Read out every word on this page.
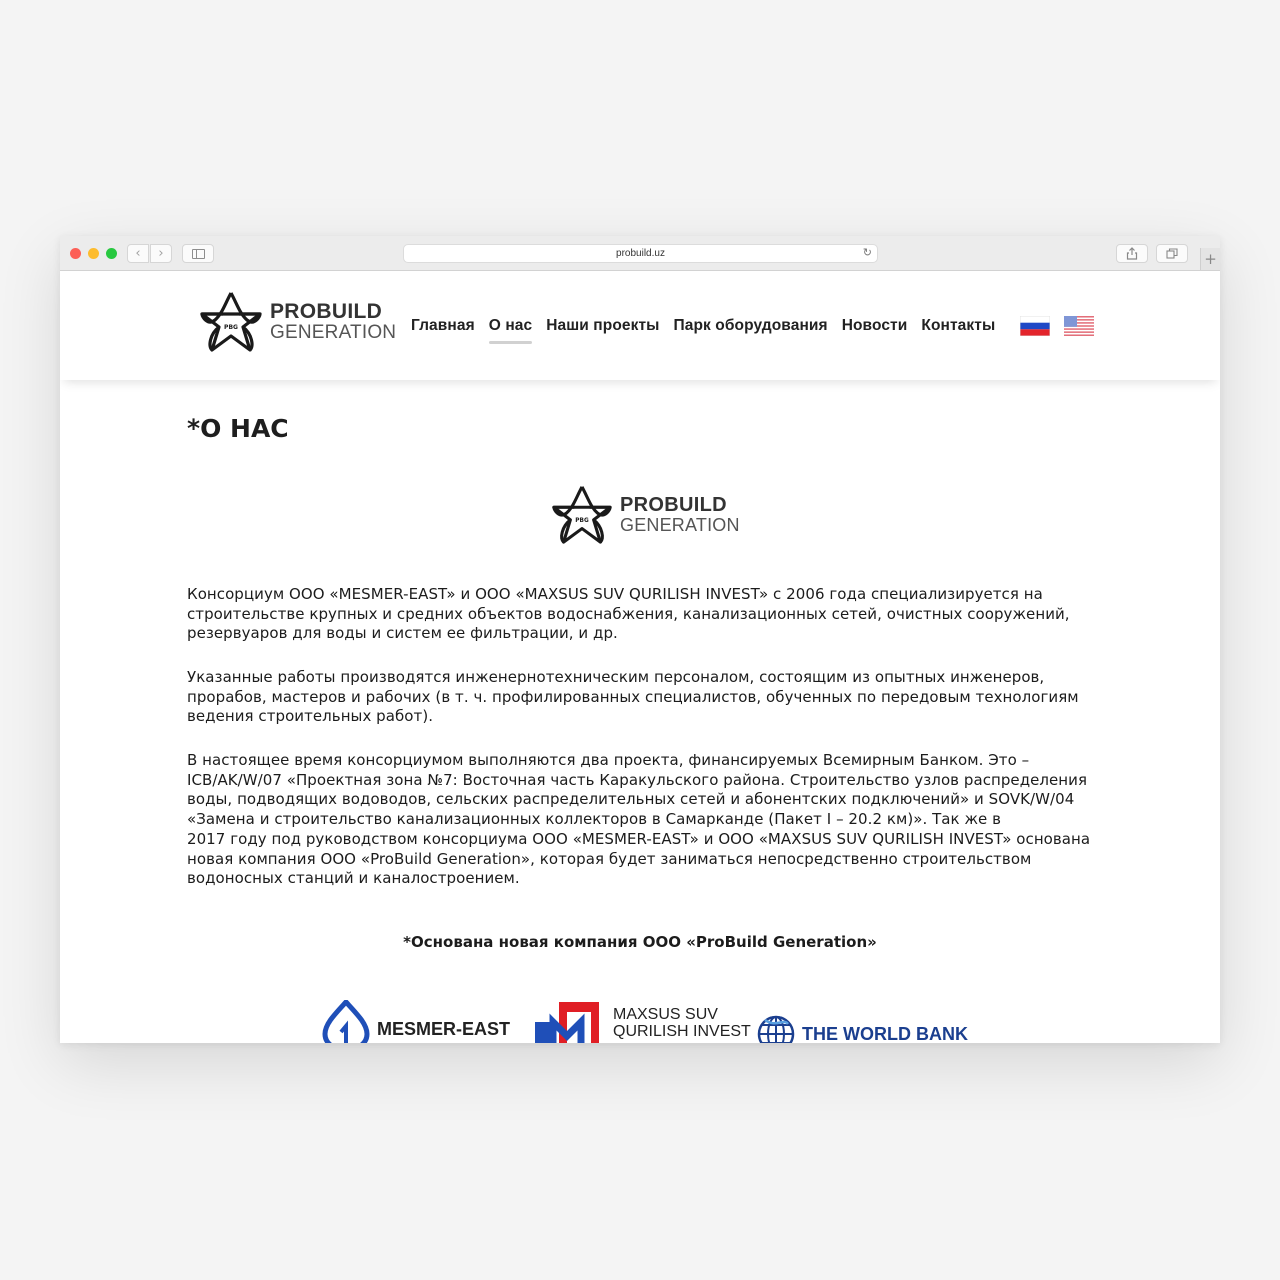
‹	›	probuild.uz	↻	+
PBG
PROBUILD
GENERATION Главная О нас Наши проекты Парк оборудования Новости Контакты
*О НАС
PBG
PROBUILD
GENERATION

Консорциум ООО «MESMER-EAST» и ООО «MAXSUS SUV QURILISH INVEST» с 2006 года специализируется на строительстве крупных и средних объектов водоснабжения, канализационных сетей, очистных сооружений, резервуаров для воды и систем ее фильтрации, и др.

Указанные работы производятся инженернотехническим персоналом, состоящим из опытных инженеров, прорабов, мастеров и рабочих (в т. ч. профилированных специалистов, обученных по передовым технологиям ведения строительных работ).

В настоящее время консорциумом выполняются два проекта, финансируемых Всемирным Банком. Это – ICB/AK/W/07 «Проектная зона №7: Восточная часть Каракульского района. Строительство узлов распределения воды, подводящих водоводов, сельских распределительных сетей и абонентских подключений» и SOVK/W/04 «Замена и строительство канализационных коллекторов в Самарканде (Пакет I – 20.2 км)». Так же в
2017 году под руководством консорциума ООО «MESMER-EAST» и ООО «MAXSUS SUV QURILISH INVEST» основана новая компания ООО «ProBuild Generation», которая будет заниматься непосредственно строительством водоносных станций и каналостроением.

*Основана новая компания ООО «ProBuild Generation»
MESMER-EAST
MAXSUS SUV
QURILISH INVEST	THE WORLD BANK
